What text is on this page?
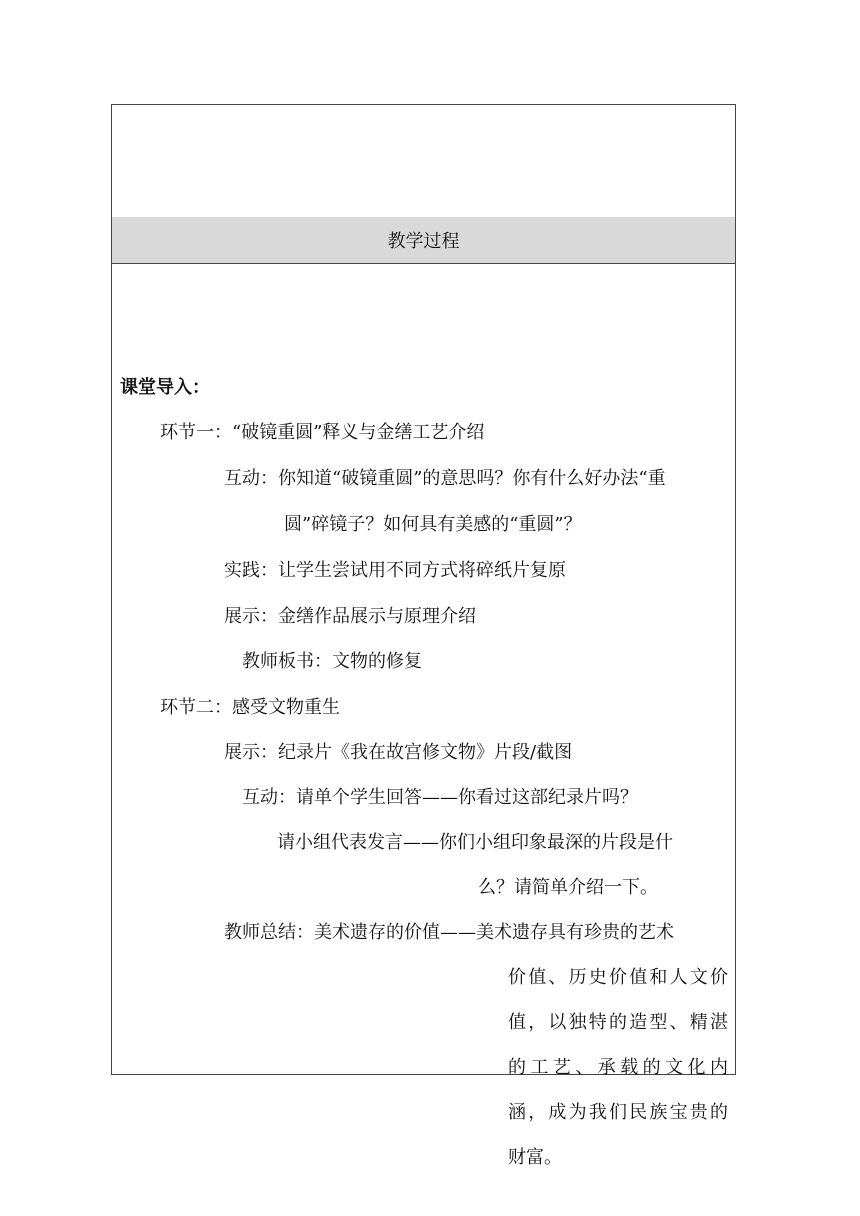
教学过程
课堂导入：
环节一：“破镜重圆”释义与金缮工艺介绍
互动：你知道“破镜重圆”的意思吗？你有什么好办法“重
圆”碎镜子？如何具有美感的“重圆”？
实践：让学生尝试用不同方式将碎纸片复原
展示：金缮作品展示与原理介绍
教师板书：文物的修复
环节二：感受文物重生
展示：纪录片《我在故宫修文物》片段/截图
互动：请单个学生回答——你看过这部纪录片吗？
请小组代表发言——你们小组印象最深的片段是什
么？请简单介绍一下。
教师总结：美术遗存的价值——美术遗存具有珍贵的艺术
价值、历史价值和人文价
值，以独特的造型、精湛
的工艺、承载的文化内
涵，成为我们民族宝贵的
财富。
